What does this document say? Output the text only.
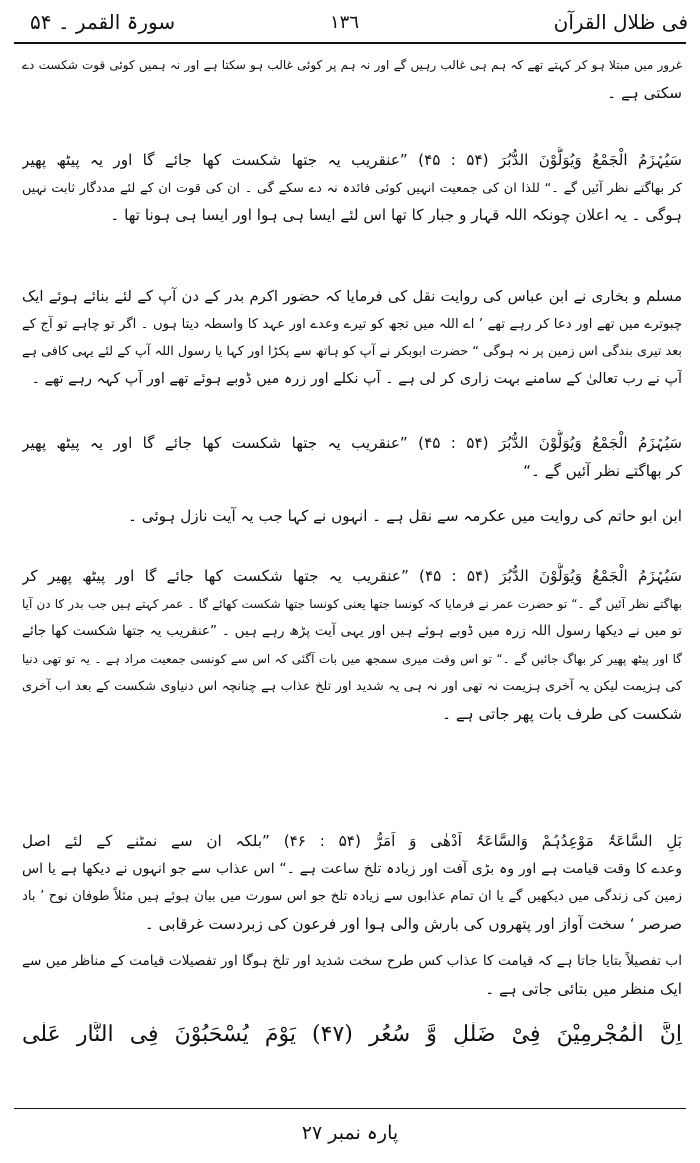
فی ظلال القرآن
١٣٦
سورۃ القمر ۔ ۵۴
غرور میں مبتلا ہو کر کہتے تھے کہ ہم ہی غالب رہیں گے اور نہ ہم پر کوئی غالب ہو سکتا ہے اور نہ ہمیں کوئی قوت شکست دے
سکتی ہے ۔
سَیُہْزَمُ الْجَمْعُ وَیُوَلُّوْنَ الدُّبُرَ (۵۴ : ۴۵) ”عنقریب یہ جتھا شکست کھا جائے گا اور یہ پیٹھ پھیر
کر بھاگتے نظر آئیں گے ۔“ للذا ان کی جمعیت انہیں کوئی فائدہ نہ دے سکے گی ۔ ان کی قوت ان کے لئے مددگار ثابت نہیں
ہوگی ۔ یہ اعلان چونکہ اللہ قہار و جبار کا تھا اس لئے ایسا ہی ہوا اور ایسا ہی ہونا تھا ۔
مسلم و بخاری نے ابن عباس کی روایت نقل کی فرمایا کہ حضور اکرم بدر کے دن آپ کے لئے بنائے ہوئے ایک
چبوترے میں تھے اور دعا کر رہے تھے ’ اے اللہ میں تجھ کو تیرے وعدے اور عہد کا واسطہ دیتا ہوں ۔ اگر تو چاہے تو آج کے
بعد تیری بندگی اس زمین پر نہ ہوگی “ حضرت ابوبکر نے آپ کو ہاتھ سے پکڑا اور کہا یا رسول اللہ آپ کے لئے یہی کافی ہے
آپ نے رب تعالیٰ کے سامنے بہت زاری کر لی ہے ۔ آپ نکلے اور زرہ میں ڈوبے ہوئے تھے اور آپ کہہ رہے تھے ۔
سَیُہْزَمُ الْجَمْعُ وَیُوَلُّوْنَ الدُّبُرَ (۵۴ : ۴۵) ”عنقریب یہ جتھا شکست کھا جائے گا اور یہ پیٹھ پھیر
کر بھاگتے نظر آئیں گے ۔“
ابن ابو حاتم کی روایت میں عکرمہ سے نقل ہے ۔ انہوں نے کہا جب یہ آیت نازل ہوئی ۔
سَیُہْزَمُ الْجَمْعُ وَیُوَلُّوْنَ الدُّبُرَ (۵۴ : ۴۵) ”عنقریب یہ جتھا شکست کھا جائے گا اور پیٹھ پھیر کر
بھاگتے نظر آئیں گے ۔“ تو حضرت عمر نے فرمایا کہ کونسا جتھا یعنی کونسا جتھا شکست کھائے گا ۔ عمر کہتے ہیں جب بدر کا دن آیا
تو میں نے دیکھا رسول اللہ زرہ میں ڈوبے ہوئے ہیں اور یہی آیت پڑھ رہے ہیں ۔ ”عنقریب یہ جتھا شکست کھا جائے
گا اور پیٹھ پھیر کر بھاگ جائیں گے ۔“ تو اس وقت میری سمجھ میں بات آگئی کہ اس سے کونسی جمعیت مراد ہے ۔ یہ تو تھی دنیا
کی ہزیمت لیکن یہ آخری ہزیمت نہ تھی اور نہ ہی یہ شدید اور تلخ عذاب ہے چنانچہ اس دنیاوی شکست کے بعد اب آخری
شکست کی طرف بات پھر جاتی ہے ۔
بَلِ السَّاعَۃُ مَوْعِدُہُمْ وَالسَّاعَۃُ اَدْھٰی وَ اَمَرُّ (۵۴ : ۴۶) ”بلکہ ان سے نمٹنے کے لئے اصل
وعدے کا وقت قیامت ہے اور وہ بڑی آفت اور زیادہ تلخ ساعت ہے ۔“ اس عذاب سے جو انہوں نے دیکھا ہے یا اس
زمین کی زندگی میں دیکھیں گے یا ان تمام عذابوں سے زیادہ تلخ جو اس سورت میں بیان ہوئے ہیں مثلاً طوفان نوح ’ باد
صرصر ‘ سخت آواز اور پتھروں کی بارش والی ہوا اور فرعون کی زبردست غرقابی ۔
اب تفصیلاً بتایا جاتا ہے کہ قیامت کا عذاب کس طرح سخت شدید اور تلخ ہوگا اور تفصیلات قیامت کے مناظر میں سے
ایک منظر میں بتائی جاتی ہے ۔
اِنَّ الْمُجْرِمِیْنَ فِیْ ضَلٰلٍ وَّ سُعُرٍ (۴۷) یَوْمَ یُسْحَبُوْنَ فِی النَّارِ عَلٰی
پارہ نمبر ۲۷
